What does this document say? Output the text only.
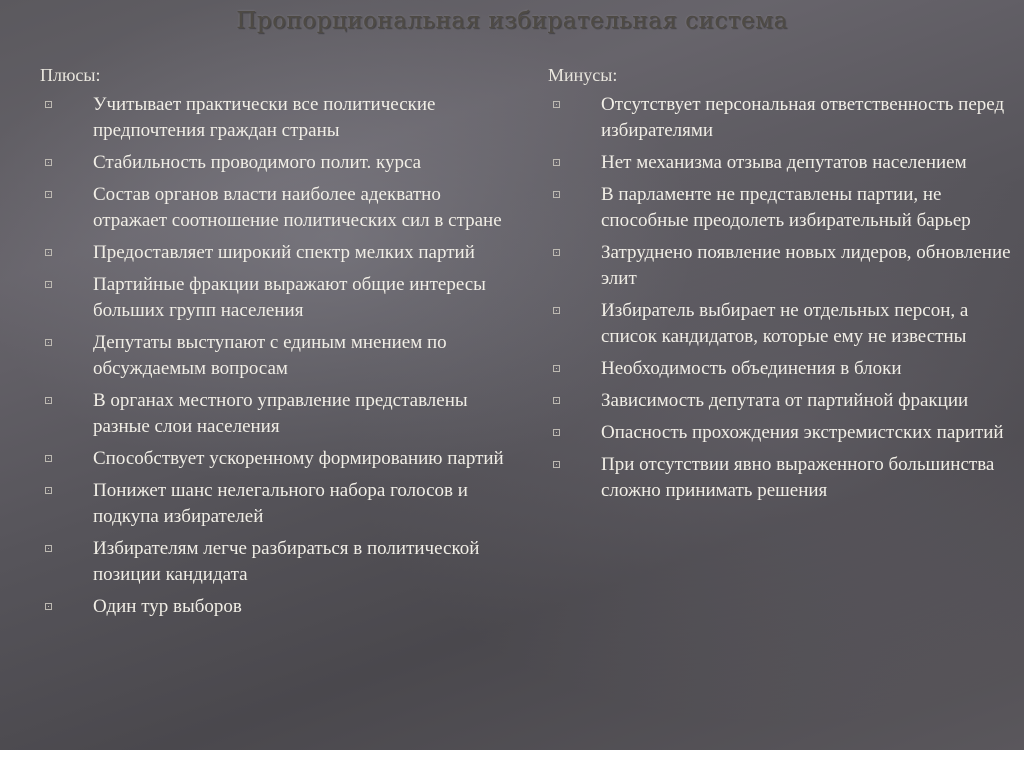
Пропорциональная избирательная система
Плюсы:
Учитывает практически все политические предпочтения граждан страны
Стабильность проводимого полит. курса
Состав органов власти наиболее адекватно отражает соотношение политических сил в стране
Предоставляет широкий спектр мелких партий
Партийные фракции выражают общие интересы больших групп населения
Депутаты выступают с единым мнением по обсуждаемым вопросам
В органах местного управление представлены разные слои населения
Способствует ускоренному формированию партий
Понижет шанс нелегального набора голосов и подкупа избирателей
Избирателям легче разбираться в политической позиции кандидата
Один тур выборов
Минусы:
Отсутствует персональная ответственность перед избирателями
Нет механизма отзыва депутатов населением
В парламенте не представлены партии, не способные преодолеть избирательный барьер
Затруднено появление новых лидеров, обновление элит
Избиратель выбирает не отдельных персон, а список кандидатов, которые ему не известны
Необходимость объединения в блоки
Зависимость депутата от партийной фракции
Опасность прохождения экстремистских паритий
При отсутствии явно выраженного большинства сложно принимать решения
